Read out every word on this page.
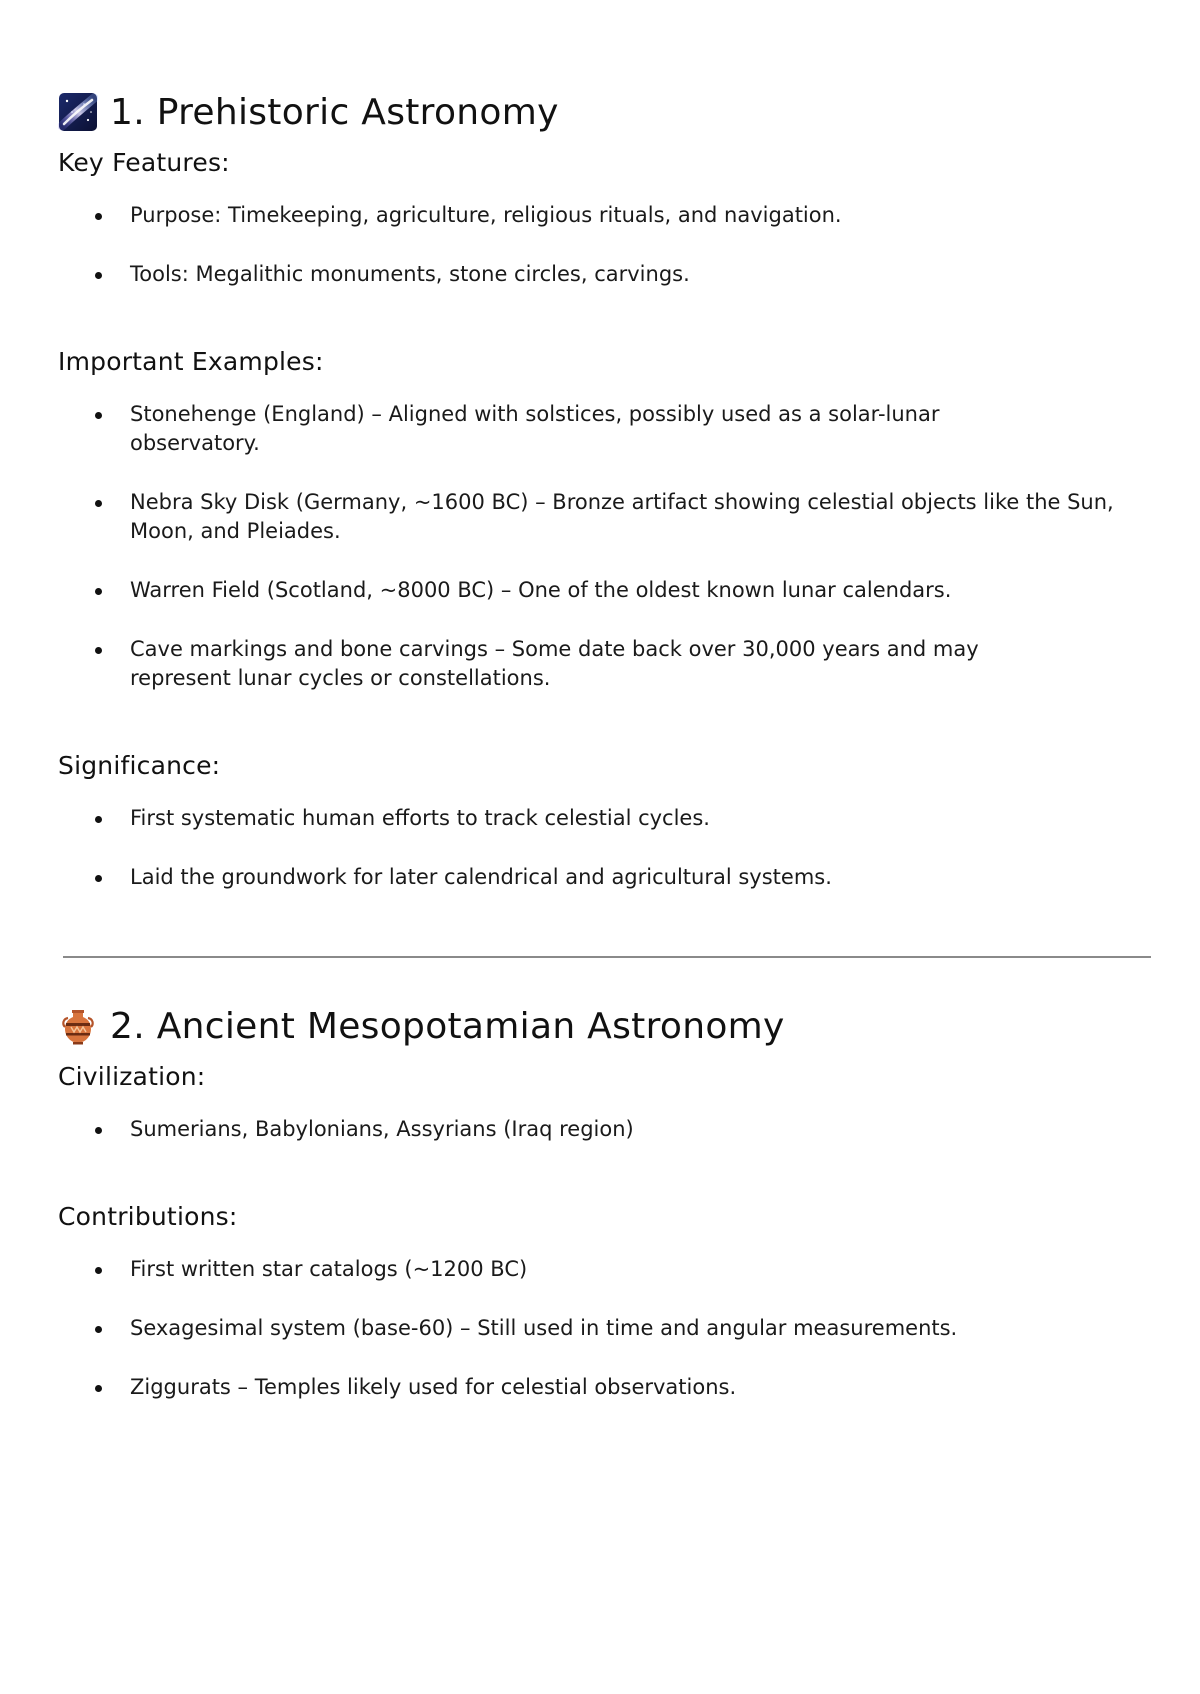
1. Prehistoric Astronomy
Key Features:
Purpose: Timekeeping, agriculture, religious rituals, and navigation.
Tools: Megalithic monuments, stone circles, carvings.
Important Examples:
Stonehenge (England) – Aligned with solstices, possibly used as a solar-lunar observatory.
Nebra Sky Disk (Germany, ~1600 BC) – Bronze artifact showing celestial objects like the Sun, Moon, and Pleiades.
Warren Field (Scotland, ~8000 BC) – One of the oldest known lunar calendars.
Cave markings and bone carvings – Some date back over 30,000 years and may represent lunar cycles or constellations.
Significance:
First systematic human efforts to track celestial cycles.
Laid the groundwork for later calendrical and agricultural systems.
2. Ancient Mesopotamian Astronomy
Civilization:
Sumerians, Babylonians, Assyrians (Iraq region)
Contributions:
First written star catalogs (~1200 BC)
Sexagesimal system (base-60) – Still used in time and angular measurements.
Ziggurats – Temples likely used for celestial observations.
